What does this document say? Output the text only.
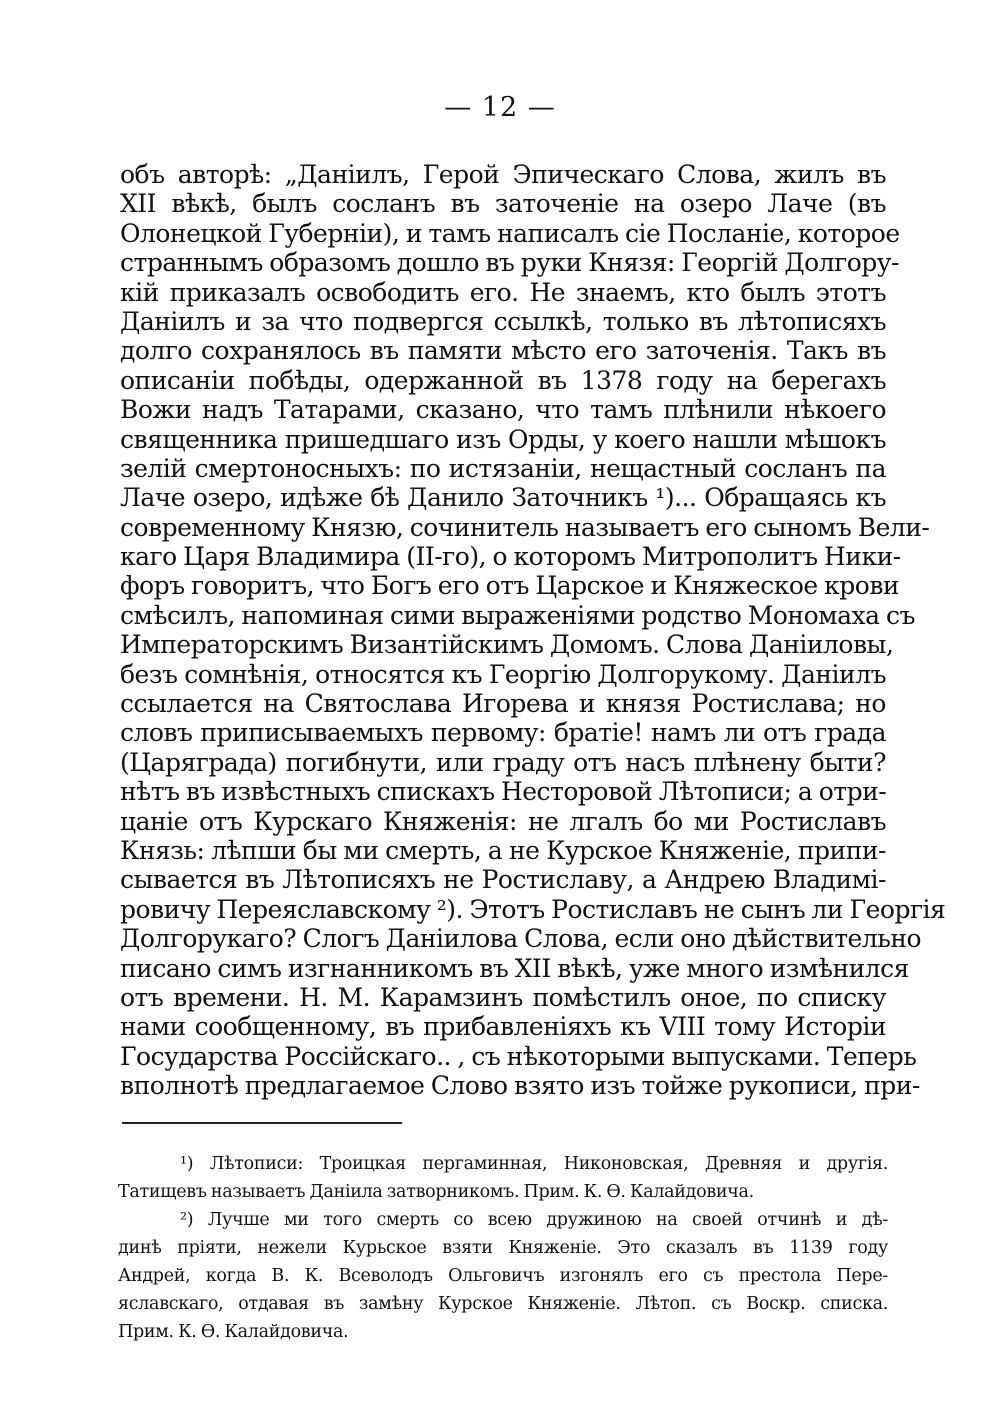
— 12 —
объ авторѣ: „Даніилъ, Герой Эпическаго Слова, жилъ въ
XII вѣкѣ, былъ сосланъ въ заточеніе на озеро Лаче (въ
Олонецкой Губерніи), и тамъ написалъ сіе Посланіе, которое
страннымъ образомъ дошло въ руки Князя: Георгій Долгору-
кій приказалъ освободить его. Не знаемъ, кто былъ этотъ
Даніилъ и за что подвергся ссылкѣ, только въ лѣтописяхъ
долго сохранялось въ памяти мѣсто его заточенія. Такъ въ
описаніи побѣды, одержанной въ 1378 году на берегахъ
Вожи надъ Татарами, сказано, что тамъ плѣнили нѣкоего
священника пришедшаго изъ Орды, у коего нашли мѣшокъ
зелій смертоносныхъ: по истязаніи, нещастный сосланъ па
Лаче озеро, идѣже бѣ Данило Заточникъ ¹)... Обращаясь къ
современному Князю, сочинитель называетъ его сыномъ Вели-
каго Царя Владимира (II-го), о которомъ Митрополитъ Ники-
форъ говоритъ, что Богъ его отъ Царское и Княжеское крови
смѣсилъ, напоминая сими выраженіями родство Мономаха съ
Императорскимъ Византійскимъ Домомъ. Слова Даніиловы,
безъ сомнѣнія, относятся къ Георгію Долгорукому. Даніилъ
ссылается на Святослава Игорева и князя Ростислава; но
словъ приписываемыхъ первому: братіе! намъ ли отъ града
(Царяграда) погибнути, или граду отъ насъ плѣнену быти?
нѣтъ въ извѣстныхъ спискахъ Несторовой Лѣтописи; а отри-
цаніе отъ Курскаго Княженія: не лгалъ бо ми Ростиславъ
Князь: лѣпши бы ми смерть, а не Курское Княженіе, припи-
сывается въ Лѣтописяхъ не Ростиславу, а Андрею Владимі-
ровичу Переяславскому ²). Этотъ Ростиславъ не сынъ ли Георгія
Долгорукаго? Слогъ Даніилова Слова, если оно дѣйствительно
писано симъ изгнанникомъ въ XII вѣкѣ, уже много измѣнился
отъ времени. Н. М. Карамзинъ помѣстилъ оное, по списку
нами сообщенному, въ прибавленіяхъ къ VIII тому Исторіи
Государства Россійскаго.. , съ нѣкоторыми выпусками. Теперь
вполнотѣ предлагаемое Слово взято изъ тойже рукописи, при-
¹) Лѣтописи: Троицкая пергаминная, Никоновская, Древняя и другія.
Татищевъ называетъ Даніила затворникомъ. Прим. К. Ѳ. Калайдовича.
²) Лучше ми того смерть со всею дружиною на своей отчинѣ и дѣ-
динѣ пріяти, нежели Курьское взяти Княженіе. Это сказалъ въ 1139 году
Андрей, когда В. К. Всеволодъ Ольговичъ изгонялъ его съ престола Пере-
яславскаго, отдавая въ замѣну Курское Княженіе. Лѣтоп. съ Воскр. списка.
Прим. К. Ѳ. Калайдовича.
